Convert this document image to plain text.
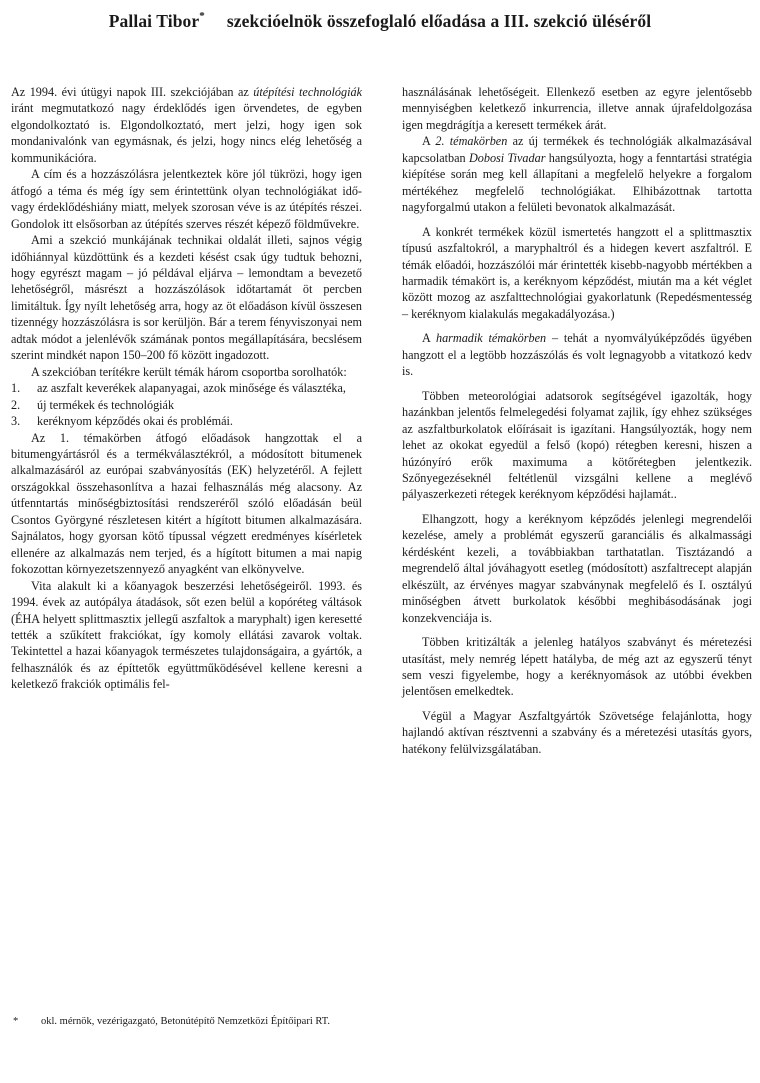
Pallai Tibor* szekcióelnök összefoglaló előadása a III. szekció üléséről

Az 1994. évi útügyi napok III. szekciójában az útépítési technológiák iránt megmutatkozó nagy érdeklődés igen örvendetes, de egyben elgondolkoztató is. Elgondolkoztató, mert jelzi, hogy igen sok mondanivalónk van egymásnak, és jelzi, hogy nincs elég lehetőség a kommunikációra.

A cím és a hozzászólásra jelentkeztek köre jól tükrözi, hogy igen átfogó a téma és még így sem érintettünk olyan technológiákat idő- vagy érdeklődéshiány miatt, melyek szorosan véve is az útépítés részei. Gondolok itt elsősorban az útépítés szerves részét képező földművekre.

Ami a szekció munkájának technikai oldalát illeti, sajnos végig időhiánnyal küzdöttünk és a kezdeti késést csak úgy tudtuk behozni, hogy egyrészt magam – jó példával eljárva – lemondtam a bevezető lehetőségről, másrészt a hozzászólások időtartamát öt percben limitáltuk. Így nyílt lehetőség arra, hogy az öt előadáson kívül összesen tizennégy hozzászólásra is sor kerüljön. Bár a terem fényviszonyai nem adtak módot a jelenlévők számának pontos megállapítására, becslésem szerint mindkét napon 150–200 fő között ingadozott.

A szekcióban terítékre került témák három csoportba sorolhatók:

1. az aszfalt keverékek alapanyagai, azok minősége és választéka,
2. új termékek és technológiák
3. keréknyom képződés okai és problémái.

Az 1. témakörben átfogó előadások hangzottak el a bitumengyártásról és a termékválasztékról, a módosított bitumenek alkalmazásáról az európai szabványosítás (EK) helyzetéről. A fejlett országokkal összehasonlítva a hazai felhasználás még alacsony. Az útfenntartás minőségbiztosítási rendszeréről szóló előadásán beül Csontos Györgyné részletesen kitért a hígított bitumen alkalmazására. Sajnálatos, hogy gyorsan kötő típussal végzett eredményes kísérletek ellenére az alkalmazás nem terjed, és a hígított bitumen a mai napig fokozottan környezetszennyező anyagként van elkönyvelve.

Vita alakult ki a kőanyagok beszerzési lehetőségeiről. 1993. és 1994. évek az autópálya átadások, sőt ezen belül a kopóréteg váltások (ÉHA helyett splittmasztix jellegű aszfaltok a maryphalt) igen keresetté tették a szűkített frakciókat, így komoly ellátási zavarok voltak. Tekintettel a hazai kőanyagok természetes tulajdonságaira, a gyártók, a felhasználók és az építtetők együttműködésével kellene keresni a keletkező frakciók optimális fel-

használásának lehetőségeit. Ellenkező esetben az egyre jelentősebb mennyiségben keletkező inkurrencia, illetve annak újrafeldolgozása igen megdrágítja a keresett termékek árát.

A 2. témakörben az új termékek és technológiák alkalmazásával kapcsolatban Dobosi Tivadar hangsúlyozta, hogy a fenntartási stratégia kiépítése során meg kell állapítani a megfelelő helyekre a forgalom mértékéhez megfelelő technológiákat. Elhibázottnak tartotta nagyforgalmú utakon a felületi bevonatok alkalmazását.

A konkrét termékek közül ismertetés hangzott el a splittmasztix típusú aszfaltokról, a maryphaltról és a hidegen kevert aszfaltról. E témák előadói, hozzászólói már érintették kisebb-nagyobb mértékben a harmadik témakört is, a keréknyom képződést, miután ma a két véglet között mozog az aszfalttechnológiai gyakorlatunk (Repedésmentesség – keréknyom kialakulás megakadályozása.)

A harmadik témakörben – tehát a nyomvályúképződés ügyében hangzott el a legtöbb hozzászólás és volt legnagyobb a vitatkozó kedv is.

Többen meteorológiai adatsorok segítségével igazolták, hogy hazánkban jelentős felmelegedési folyamat zajlik, így ehhez szükséges az aszfaltburkolatok előírásait is igazítani. Hangsúlyozták, hogy nem lehet az okokat egyedül a felső (kopó) rétegben keresni, hiszen a húzónyíró erők maximuma a kötőrétegben jelentkezik. Szőnyegezéseknél feltétlenül vizsgálni kellene a meglévő pályaszerkezeti rétegek keréknyom képződési hajlamát..

Elhangzott, hogy a keréknyom képződés jelenlegi megrendelői kezelése, amely a problémát egyszerű garanciális és alkalmassági kérdésként kezeli, a továbbiakban tarthatatlan. Tisztázandó a megrendelő által jóváhagyott esetleg (módosított) aszfaltrecept alapján elkészült, az érvényes magyar szabványnak megfelelő és I. osztályú minőségben átvett burkolatok későbbi meghibásodásának jogi konzekvenciája is.

Többen kritizálták a jelenleg hatályos szabványt és méretezési utasítást, mely nemrég lépett hatályba, de még azt az egyszerű tényt sem veszi figyelembe, hogy a keréknyomások az utóbbi években jelentősen emelkedtek.

Végül a Magyar Aszfaltgyártók Szövetsége felajánlotta, hogy hajlandó aktívan résztvenni a szabvány és a méretezési utasítás gyors, hatékony felülvizsgálatában.

* okl. mérnök, vezérigazgató, Betonútépítő Nemzetközi Építőipari RT.
